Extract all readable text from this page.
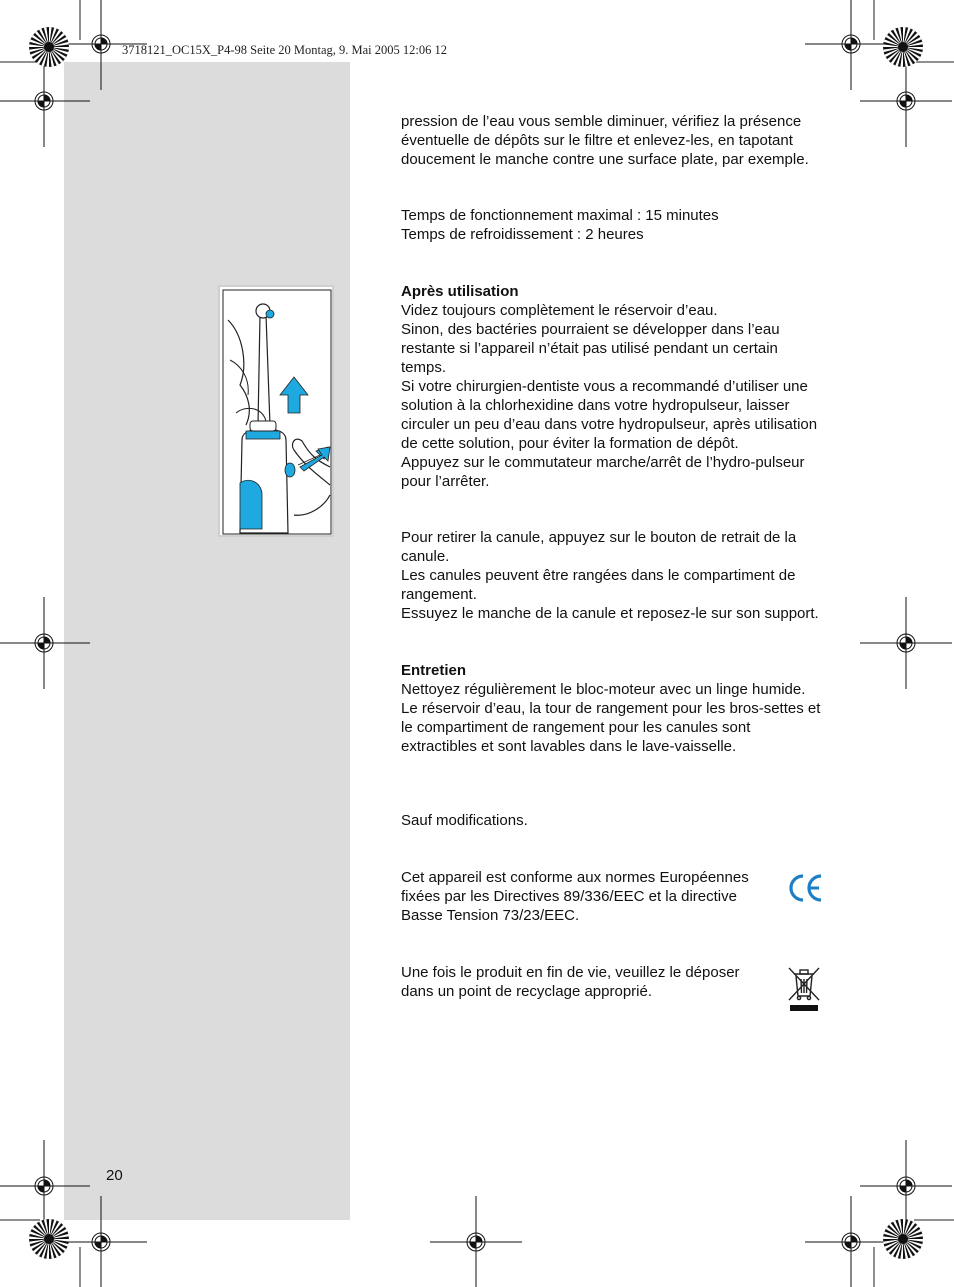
3718121_OC15X_P4-98 Seite 20 Montag, 9. Mai 2005 12:06 12

pression de l’eau vous semble diminuer, vérifiez la présence éventuelle de dépôts sur le filtre et enlevez-les, en tapotant doucement le manche contre une surface plate, par exemple.

Temps de fonctionnement maximal : 15 minutes

Temps de refroidissement : 2 heures

Après utilisation

Videz toujours complètement le réservoir d’eau.

Sinon, des bactéries pourraient se développer dans l’eau restante si l’appareil n’était pas utilisé pendant un certain temps.

Si votre chirurgien-dentiste vous a recommandé d’utiliser une solution à la chlorhexidine dans votre hydropulseur, laisser circuler un peu d’eau dans votre hydropulseur, après utilisation de cette solution, pour éviter la formation de dépôt.

Appuyez sur le commutateur marche/arrêt de l’hydro-pulseur pour l’arrêter.

Pour retirer la canule, appuyez sur le bouton de retrait de la canule.

Les canules peuvent être rangées dans le compartiment de rangement.

Essuyez le manche de la canule et reposez-le sur son support.

Entretien

Nettoyez régulièrement le bloc-moteur avec un linge humide.

Le réservoir d’eau, la tour de rangement pour les bros-settes et le compartiment de rangement pour les canules sont extractibles et sont lavables dans le lave-vaisselle.

Sauf modifications.

Cet appareil est conforme aux normes Européennes fixées par les Directives 89/336/EEC et la directive Basse Tension 73/23/EEC.

Une fois le produit en fin de vie, veuillez le déposer dans un point de recyclage approprié.

20
